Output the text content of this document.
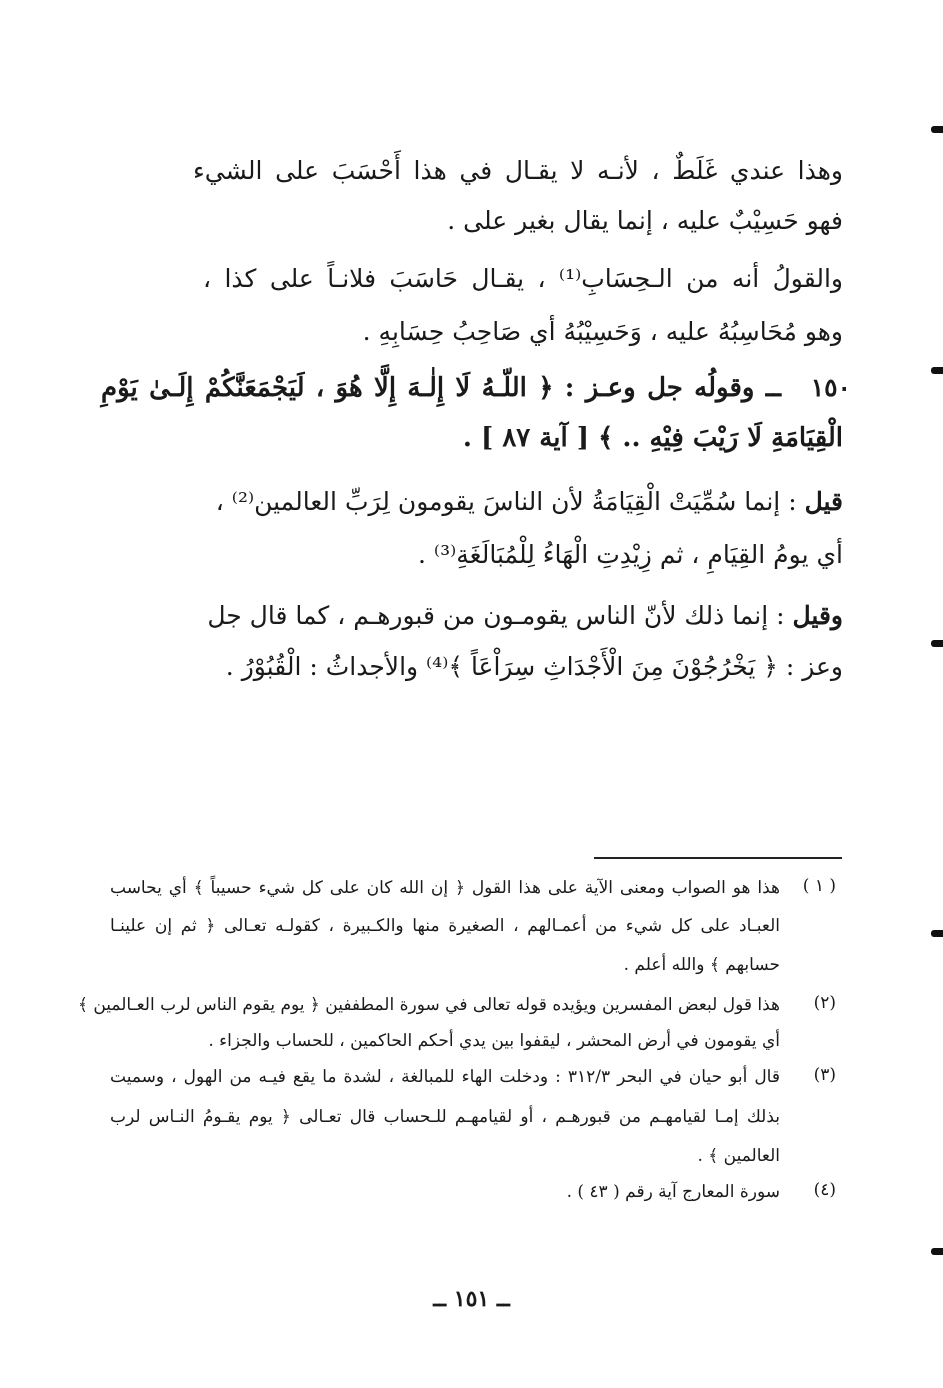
وهذا عندي غَلَطٌ ، لأنـه لا يقـال في هذا أَحْسَبَ على الشيء
فهو حَسِيْبٌ عليه ، إنما يقال بغير على .
والقولُ أنه من الـحِسَابِ⁽¹⁾ ، يقـال حَاسَبَ فلانـاً على كذا ،
وهو مُحَاسِبُهُ عليه ، وَحَسِيْبُهُ أي صَاحِبُ حِسَابِهِ .
١٥٠
ــ وقولُه جل وعـز : ﴿ اللّـهُ لَا إِلٰـهَ إِلَّا هُوَ ، لَيَجْمَعَنَّكُمْ إِلَـىٰ يَوْمِ
الْقِيَامَةِ لَا رَيْبَ فِيْهِ .. ﴾ [ آية ٨٧ ] .
قيل : إنما سُمِّيَتْ الْقِيَامَةُ لأن الناسَ يقومون لِرَبِّ العالمين⁽²⁾ ،
أي يومُ القِيَامِ ، ثم زِيْدِتِ الْهَاءُ لِلْمُبَالَغَةِ⁽³⁾ .
وقيل : إنما ذلك لأنّ الناس يقومـون من قبورهـم ، كما قال جل
وعز : ﴿ يَخْرُجُوْنَ مِنَ الْأَجْدَاثِ سِرَاْعَاً ﴾⁽⁴⁾ والأجداثُ : الْقُبُوْرُ .
( ١ )
هذا هو الصواب ومعنى الآية على هذا القول ﴿ إن الله كان على كل شيء حسيباً ﴾ أي يحاسب
العبـاد على كل شيء من أعمـالهم ، الصغيرة منها والكـبيرة ، كقولـه تعـالى ﴿ ثم إن علينـا
حسابهم ﴾ والله أعلم .
(٢)
هذا قول لبعض المفسرين ويؤيده قوله تعالى في سورة المطففين ﴿ يوم يقوم الناس لرب العـالمين ﴾
أي يقومون في أرض المحشر ، ليقفوا بين يدي أحكم الحاكمين ، للحساب والجزاء .
(٣)
قال أبو حيان في البحر ٣١٢/٣ : ودخلت الهاء للمبالغة ، لشدة ما يقع فيـه من الهول ، وسميت
بذلك إمـا لقيامهـم من قبورهـم ، أو لقيامهـم للـحساب قال تعـالى ﴿ يوم يقـومُ النـاس لرب
العالمين ﴾ .
(٤)
سورة المعارج آية رقم ( ٤٣ ) .
ــ ١٥١ ــ
